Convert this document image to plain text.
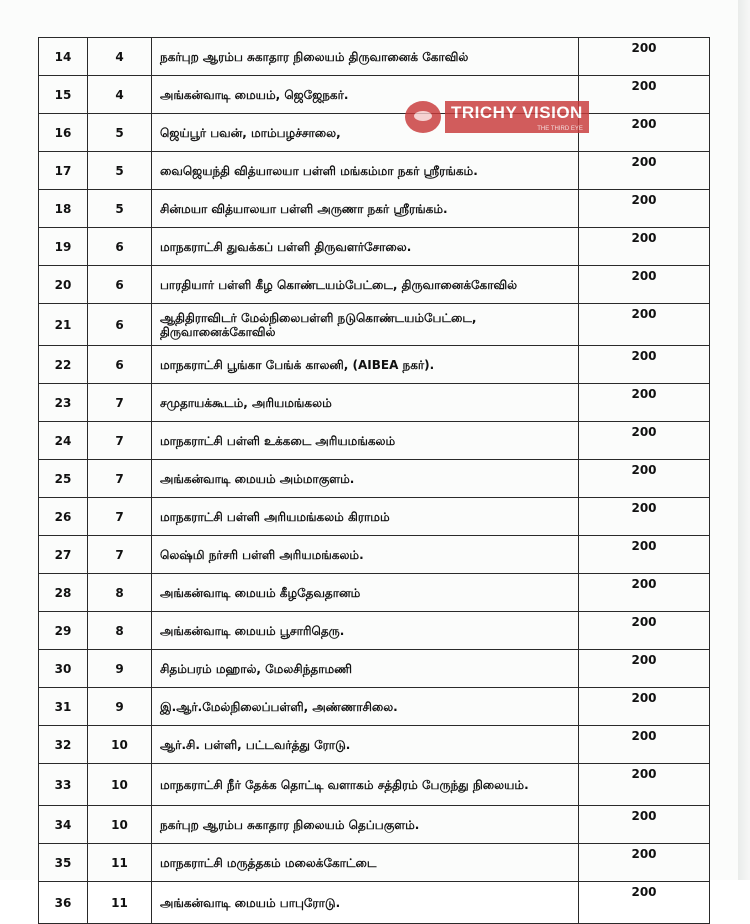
14	4	நகர்புற ஆரம்ப சுகாதார நிலையம் திருவானைக் கோவில்	200
15	4	அங்கன்வாடி மையம், ஜெஜேநகர்.	200
16	5	ஜெய்பூர் பவன், மாம்பழச்சாலை,	200
17	5	வைஜெயந்தி வித்யாலயா பள்ளி மங்கம்மா நகர் ஸ்ரீரங்கம்.	200
18	5	சின்மயா வித்யாலயா பள்ளி அருணா நகர் ஸ்ரீரங்கம்.	200
19	6	மாநகராட்சி துவக்கப் பள்ளி திருவளர்சோலை.	200
20	6	பாரதியார் பள்ளி கீழ கொண்டயம்பேட்டை, திருவானைக்கோவில்	200
21	6	ஆதிதிராவிடர் மேல்நிலைபள்ளி நடுகொண்டயம்பேட்டை, திருவானைக்கோவில்	200
22	6	மாநகராட்சி பூங்கா பேங்க் காலனி, (AIBEA நகர்).	200
23	7	சமுதாயக்கூடம், அரியமங்கலம்	200
24	7	மாநகராட்சி பள்ளி உக்கடை அரியமங்கலம்	200
25	7	அங்கன்வாடி மையம் அம்மாகுளம்.	200
26	7	மாநகராட்சி பள்ளி அரியமங்கலம் கிராமம்	200
27	7	லெஷ்மி நர்சரி பள்ளி அரியமங்கலம்.	200
28	8	அங்கன்வாடி மையம் கீழதேவதானம்	200
29	8	அங்கன்வாடி மையம் பூசாரிதெரு.	200
30	9	சிதம்பரம் மஹால், மேலசிந்தாமணி	200
31	9	இ.ஆர்.மேல்நிலைப்பள்ளி, அண்ணாசிலை.	200
32	10	ஆர்.சி. பள்ளி, பட்டவர்த்து ரோடு.	200
33	10	மாநகராட்சி நீர் தேக்க தொட்டி வளாகம் சத்திரம் பேருந்து நிலையம்.	200
34	10	நகர்புற ஆரம்ப சுகாதார நிலையம் தெப்பகுளம்.	200
35	11	மாநகராட்சி மருத்தகம் மலைக்கோட்டை	200
36	11	அங்கன்வாடி மையம் பாபுரோடு.	200
TRICHY VISION
THE THIRD EYE
